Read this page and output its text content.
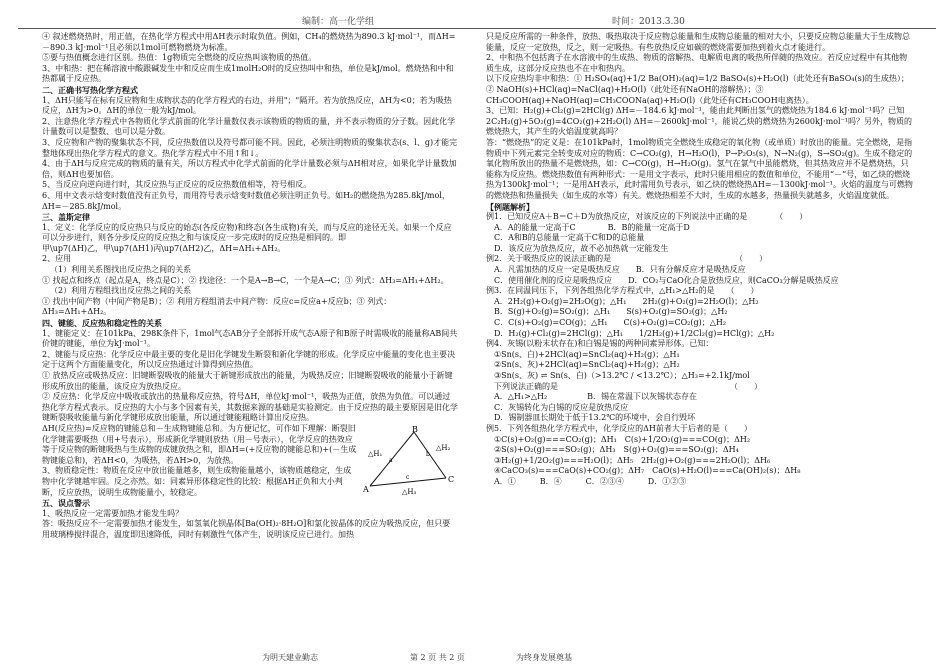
编制：高一化学组	时间：2013.3.30

④ 叙述燃烧热时，用正值，在热化学方程式中用ΔH表示时取负值。例如，CH₄的燃烧热为890.3 kJ·mol⁻¹，而ΔH=－890.3 kJ·mol⁻¹且必须以1mol可燃物燃烧为标准。

⑤要与热值概念进行区别。热值：1g物质完全燃烧的反应热叫该物质的热值。

3、中和热：把在稀溶液中酸跟碱发生中和反应而生成1molH₂O时的反应热叫中和热，单位是kJ/mol。燃烧热和中和热都属于反应热。

二、正确书写热化学方程式

1、ΔH只能写在标有反应物和生成物状态的化学方程式的右边，并用"；"隔开。若为放热反应，ΔH为<0；若为吸热反应，ΔH为>0。ΔH的单位一般为kJ/mol。

2、注意热化学方程式中各物质化学式前面的化学计量数仅表示该物质的物质的量，并不表示物质的分子数。因此化学计量数可以是整数、也可以是分数。

3、反应物和产物的聚集状态不同，反应热数值以及符号都可能不同。因此，必须注明物质的聚集状态(s、l、g)才能完整地体现出热化学方程式的意义。热化学方程式中不用↑和↓。

4、由于ΔH与反应完成的物质的量有关，所以方程式中化学式前面的化学计量数必须与ΔH相对应，如果化学计量数加倍，则ΔH也要加倍。

5、当反应向逆向进行时，其反应热与正反应的反应热数值相等，符号相反。

6、用中文表示焓变时数值没有正负号，而用符号表示焓变时数值必须注明正负号。如H₂的燃烧热为285.8kJ/mol，ΔH=－285.8kJ/mol。

三、盖斯定律

1、定义：化学反应的反应热只与反应的始态(各反应物)和终态(各生成物)有关，而与反应的途径无关。如果一个反应可以分步进行，则各分步反应的反应热之和与该反应一步完成时的反应热是相同的。即

甲\up7(ΔH)乙，甲\up7(ΔH1)丙\up7(ΔH2)乙，ΔH=ΔH₁+ΔH₂。

2、应用

（1）利用关系图找出反应热之间的关系

① 找起点和终点（起点是A，终点是C）；② 找途径：一个是A→B→C，一个是A→C；③ 列式：ΔH₃=ΔH₁+ΔH₂。

（2）利用方程组找出反应热之间的关系

① 找出中间产物（中间产物是B）；② 利用方程组消去中间产物：反应c=反应a+反应b；③ 列式：ΔH₃=ΔH₁+ΔH₂。

四、键能、反应热和稳定性的关系

1、键能定义：在101kPa、298K条件下，1mol气态AB分子全部拆开成气态A原子和B原子时需吸收的能量称AB间共价键的键能，单位为kJ·mol⁻¹。

2、键能与反应热：化学反应中最主要的变化是旧化学键发生断裂和新化学键的形成。化学反应中能量的变化也主要决定于这两个方面能量变化，所以反应热通过计算得到应热值。

① 放热反应或吸热反应：旧键断裂吸收的能量大于新键形成放出的能量，为吸热反应；旧键断裂吸收的能量小于新键形成所放出的能量，该反应为放热反应。

② 反应热：化学反应中吸收或放出的热量称反应热，符号ΔH，单位kJ·mol⁻¹，吸热为正值，放热为负值。可以通过热化学方程式表示。反应热的大小与多个因素有关，其数据来源的基础是实验测定。由于反应热的最主要原因是旧化学键断裂吸收能量与新化学键形成放出能量，所以通过键能粗略计算出反应热。

A
B
C
△H₁
△H₂
△H₃
a
b
c

ΔH(反应热)=反应物的键能总和－生成物键能总和。为方便记忆，可作如下理解：断裂旧化学键需要吸热（用+号表示），形成新化学键则放热（用－号表示），化学反应的热效应等于反应物的断键吸热与生成物的成键放热之和，即ΔH=(+反应物的键能总和)+(－生成物键能总和)，若ΔH<0，为吸热，若ΔH>0，为放热。

3、物质稳定性：物质在反应中放出能量越多，则生成物能量越小，该物质越稳定，生成物中化学键越牢固。反之亦然。如：同素异形体稳定性的比较：根据ΔH正负和大小判断，反应放热，说明生成物能量小，较稳定。

五、误点警示

1、吸热反应一定需要加热才能发生吗？

答：吸热反应不一定需要加热才能发生，如氢氧化钡晶体[Ba(OH)₂·8H₂O]和氯化铵晶体的反应为吸热反应，但只要用玻璃棒搅拌混合，温度即迅速降低，同时有刺激性气体产生，说明该反应已进行。加热

只是反应所需的一种条件，放热、吸热取决于反应物总能量和生成物总能量的相对大小，只要反应物总能量大于生成物总能量，反应一定放热，反之，则一定吸热。有些放热反应如碳的燃烧需要加热到着火点才能进行。

2、中和热不包括离子在水溶液中的生成热、物质的溶解热、电解质电离的吸热所伴随的热效应。若反应过程中有其他物质生成，这部分反应热也不在中和热内。

以下反应热均非中和热：① H₂SO₄(aq)+1/2 Ba(OH)₂(aq)=1/2 BaSO₄(s)+H₂O(l)（此处还有BaSO₄(s)的生成热）；② NaOH(s)+HCl(aq)=NaCl(aq)+H₂O(l)（此处还有NaOH的溶解热）；③ CH₃COOH(aq)+NaOH(aq)=CH₃COONa(aq)+H₂O(l)（此处还有CH₃COOH电离热）。

3、已知：H₂(g)+Cl₂(g)=2HCl(g) ΔH=－184.6 kJ·mol⁻¹，能由此判断出氢气的燃烧热为184.6 kJ·mol⁻¹吗？已知2C₂H₂(g)+5O₂(g)=4CO₂(g)+2H₂O(l) ΔH=－2600kJ·mol⁻¹，能说乙炔的燃烧热为2600kJ·mol⁻¹吗？另外，物质的燃烧热大，其产生的火焰温度就高吗？

答：“燃烧热”的定义是：在101kPa时，1mol物质完全燃烧生成稳定的氧化物（或单质）时放出的能量。完全燃烧，是指物质中下列元素完全转变成对应的物质：C→CO₂(g)，H→H₂O(l)，P→P₂O₅(s)，N→N₂(g)，S→SO₂(g)。生成不稳定的氧化物所放出的热量不是燃烧热，如：C→CO(g)，H→H₂O(g)。氢气在氯气中虽能燃烧，但其热效应并不是燃烧热，只能称为反应热。燃烧热数值有两种形式：一是用文字表示，此时只能用相应的数值和单位，不能用“－”号，如乙炔的燃烧热为1300kJ·mol⁻¹；一是用ΔH表示，此时需用负号表示，如乙炔的燃烧热ΔH=－1300kJ·mol⁻¹。火焰的温度与可燃物的燃烧热和热量损失（如生成的水等）有关。燃烧热相差不大时，生成的水越多，热量损失就越多，火焰温度就低。

【例题解析】

例1．已知反应A＋B＝C＋D为放热反应，对该反应的下列说法中正确的是　　　　（　　）

A．A的能量一定高于C　　　　B．B的能量一定高于D

C．A和B的总能量一定高于C和D的总能量

D．该反应为放热反应，故不必加热就一定能发生

例2．关于吸热反应的说法正确的是　　　　　　　　　　　　　　　　（　　）

A．凡需加热的反应一定是吸热反应　　B．只有分解反应才是吸热反应

C．使用催化剂的反应是吸热反应　　D．CO₂与CaO化合是放热反应，则CaCO₃分解是吸热反应

例3．在同温同压下，下列各组热化学方程式中，△H₁>△H₂的是　　（　　）

A．2H₂(g)+O₂(g)=2H₂O(g)；△H₁　　2H₂(g)+O₂(g)=2H₂O(l)；△H₂

B．S(g)+O₂(g)=SO₂(g)；△H₁　　S(s)+O₂(g)=SO₂(g)；△H₂

C．C(s)+O₂(g)=CO(g)；△H₁　　C(s)+O₂(g)=CO₂(g)；△H₂

D．H₂(g)+Cl₂(g)=2HCl(g)；△H₁　　1/2H₂(g)+1/2Cl₂(g)=HCl(g)；△H₂

例4．灰锡(以粉末状存在)和白锡是锡的两种同素异形体。已知：

①Sn(s、白)+2HCl(aq)=SnCl₂(aq)+H₂(g)；△H₁

②Sn(s、灰)+2HCl(aq)=SnCl₂(aq)+H₂(g)；△H₂

③Sn(s、灰) ⇌ Sn(s、白)（>13.2℃ / <13.2℃）；△H₃=+2.1kJ/mol

下列说法正确的是　　　　　　　　　　　　　　　　　　　　　　（　　）

A．△H₁>△H₂　　　　　B．锡在常温下以灰锡状态存在

C．灰锡转化为白锡的反应是放热反应

D．锡制器皿长期处于低于13.2℃的环境中，会自行毁坏

例5．下列各组热化学方程式中，化学反应的ΔH前者大于后者的是（　　）

①C(s)+O₂(g)===CO₂(g)；ΔH₁　C(s)+1/2O₂(g)===CO(g)；ΔH₂

②S(s)+O₂(g)===SO₂(g)；ΔH₃　S(g)+O₂(g)===SO₂(g)；ΔH₄

③H₂(g)+1/2O₂(g)===H₂O(l)；ΔH₅　2H₂(g)+O₂(g)===2H₂O(l)；ΔH₆

④CaCO₃(s)===CaO(s)+CO₂(g)；ΔH₇　CaO(s)+H₂O(l)===Ca(OH)₂(s)；ΔH₈

A．①　　　B．④　　　C．②③④　　　D．①②③

为明天建业勤志	第 2 页 共 2 页	为终身发展奠基
